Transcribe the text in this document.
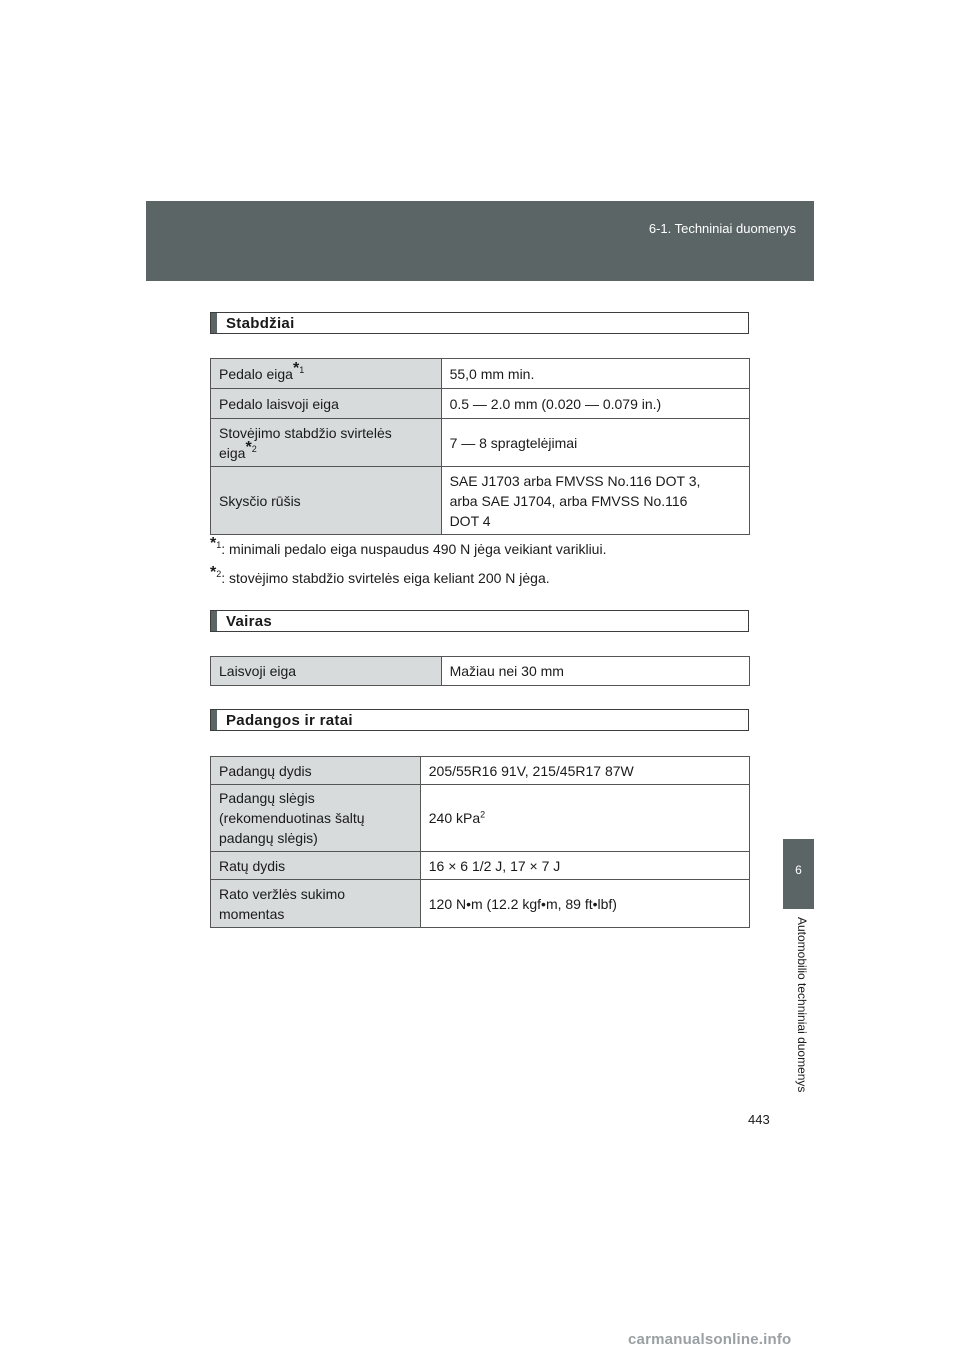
6-1. Techniniai duomenys
6
Automobilio techniniai duomenys
443
Stabdžiai
Pedalo eiga$^{*1}$	55,0 mm min.
Pedalo laisvoji eiga	0.5 — 2.0 mm (0.020 — 0.079 in.)
Stovėjimo stabdžio svirtelės
eiga$^{*2}$	7 — 8 spragtelėjimai
Skysčio rūšis	SAE J1703 arba FMVSS No.116 DOT 3,
arba SAE J1704, arba FMVSS No.116
DOT 4
$^{*1}$: minimali pedalo eiga nuspaudus 490 N jėga veikiant varikliui.
$^{*2}$: stovėjimo stabdžio svirtelės eiga keliant 200 N jėga.
Vairas
Laisvoji eiga	Mažiau nei 30 mm
Padangos ir ratai
Padangų dydis	205/55R16 91V, 215/45R17 87W
Padangų slėgis
(rekomenduotinas šaltų
padangų slėgis)	240 kPa$^2$
Ratų dydis	16 × 6 1/2 J, 17 × 7 J
Rato veržlės sukimo
momentas	120 N•m (12.2 kgf•m, 89 ft•lbf)
carmanualsonline.info
